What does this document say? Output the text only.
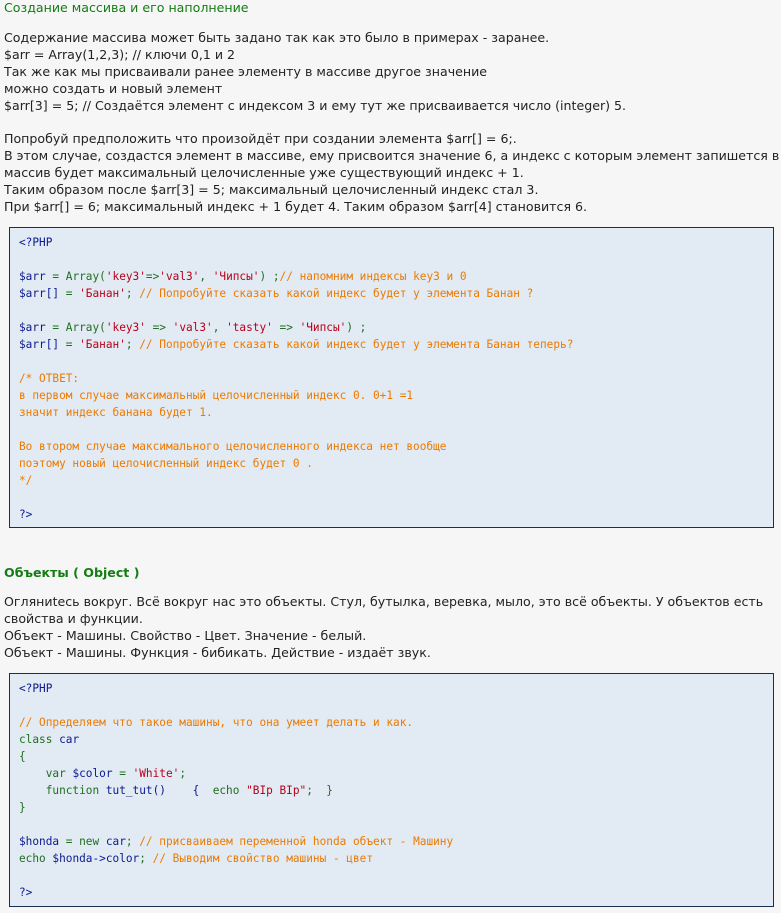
Создание массива и его наполнение
Содержание массива может быть задано так как это было в примерах - заранее.
$arr = Array(1,2,3); // ключи 0,1 и 2
Так же как мы присваивали ранее элементу в массиве другое значение
можно создать и новый элемент
$arr[3] = 5; // Создаётся элемент с индексом 3 и ему тут же присваивается число (integer) 5.
Попробуй предположить что произойдёт при создании элемента $arr[] = 6;.
В этом случае, создастся элемент в массиве, ему присвоится значение 6, а индекс с которым элемент запишется в
массив будет максимальный целочисленные уже существующий индекс + 1.
Таким образом после $arr[3] = 5; максимальный целочисленный индекс стал 3.
При $arr[] = 6; максимальный индекс + 1 будет 4. Таким образом $arr[4] становится 6.
<?PHP
$arr = Array('key3'=>'val3', 'Чипсы') ;// напомним индексы key3 и 0
$arr[] = 'Банан'; // Попробуйте сказать какой индекс будет у элемента Банан ?
$arr = Array('key3' => 'val3', 'tasty' => 'Чипсы') ;
$arr[] = 'Банан'; // Попробуйте сказать какой индекс будет у элемента Банан теперь?
/* ОТВЕТ:
в первом случае максимальный целочисленный индекс 0. 0+1 =1
значит индекс банана будет 1.
Во втором случае максимального целочисленного индекса нет вообще
поэтому новый целочисленный индекс будет 0 .
*/
?>
Объекты ( Object )
Огляниtесь вокруг. Всё вокруг нас это объекты. Стул, бутылка, веревка, мыло, это всё объекты. У объектов есть
свойства и функции.
Объект - Машины. Свойство - Цвет. Значение - белый.
Объект - Машины. Функция - бибикать. Действие - издаёт звук.
<?PHP
// Определяем что такое машины, что она умеет делать и как.
class car
{
var $color = 'White';
function tut_tut()    {  echo "BIp BIp";  }
}
$honda = new car; // присваиваем переменной honda объект - Машину
echo $honda->color; // Выводим свойство машины - цвет
?>
